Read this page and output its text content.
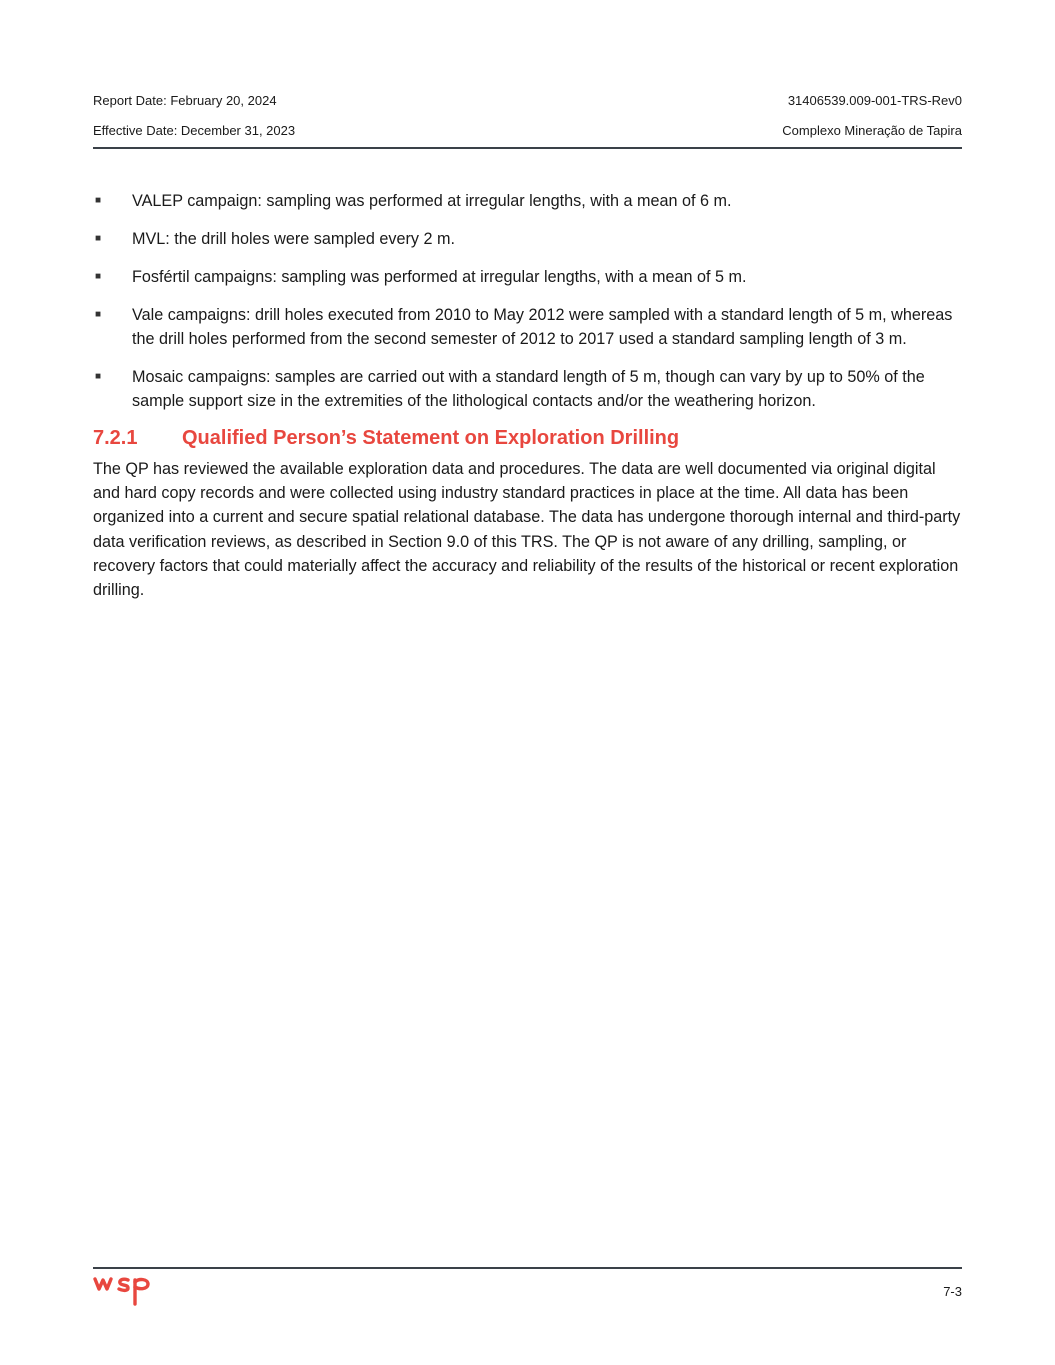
Report Date: February 20, 2024	31406539.009-001-TRS-Rev0
Effective Date: December 31, 2023	Complexo Mineração de Tapira
■ VALEP campaign: sampling was performed at irregular lengths, with a mean of 6 m.
■ MVL: the drill holes were sampled every 2 m.
■ Fosfértil campaigns: sampling was performed at irregular lengths, with a mean of 5 m.
■ Vale campaigns: drill holes executed from 2010 to May 2012 were sampled with a standard length of 5 m, whereas the drill holes performed from the second semester of 2012 to 2017 used a standard sampling length of 3 m.
■ Mosaic campaigns: samples are carried out with a standard length of 5 m, though can vary by up to 50% of the sample support size in the extremities of the lithological contacts and/or the weathering horizon.
7.2.1	Qualified Person’s Statement on Exploration Drilling

The QP has reviewed the available exploration data and procedures. The data are well documented via original digital and hard copy records and were collected using industry standard practices in place at the time. All data has been organized into a current and secure spatial relational database. The data has undergone thorough internal and third-party data verification reviews, as described in Section 9.0 of this TRS. The QP is not aware of any drilling, sampling, or recovery factors that could materially affect the accuracy and reliability of the results of the historical or recent exploration drilling.

wsp
7-3
